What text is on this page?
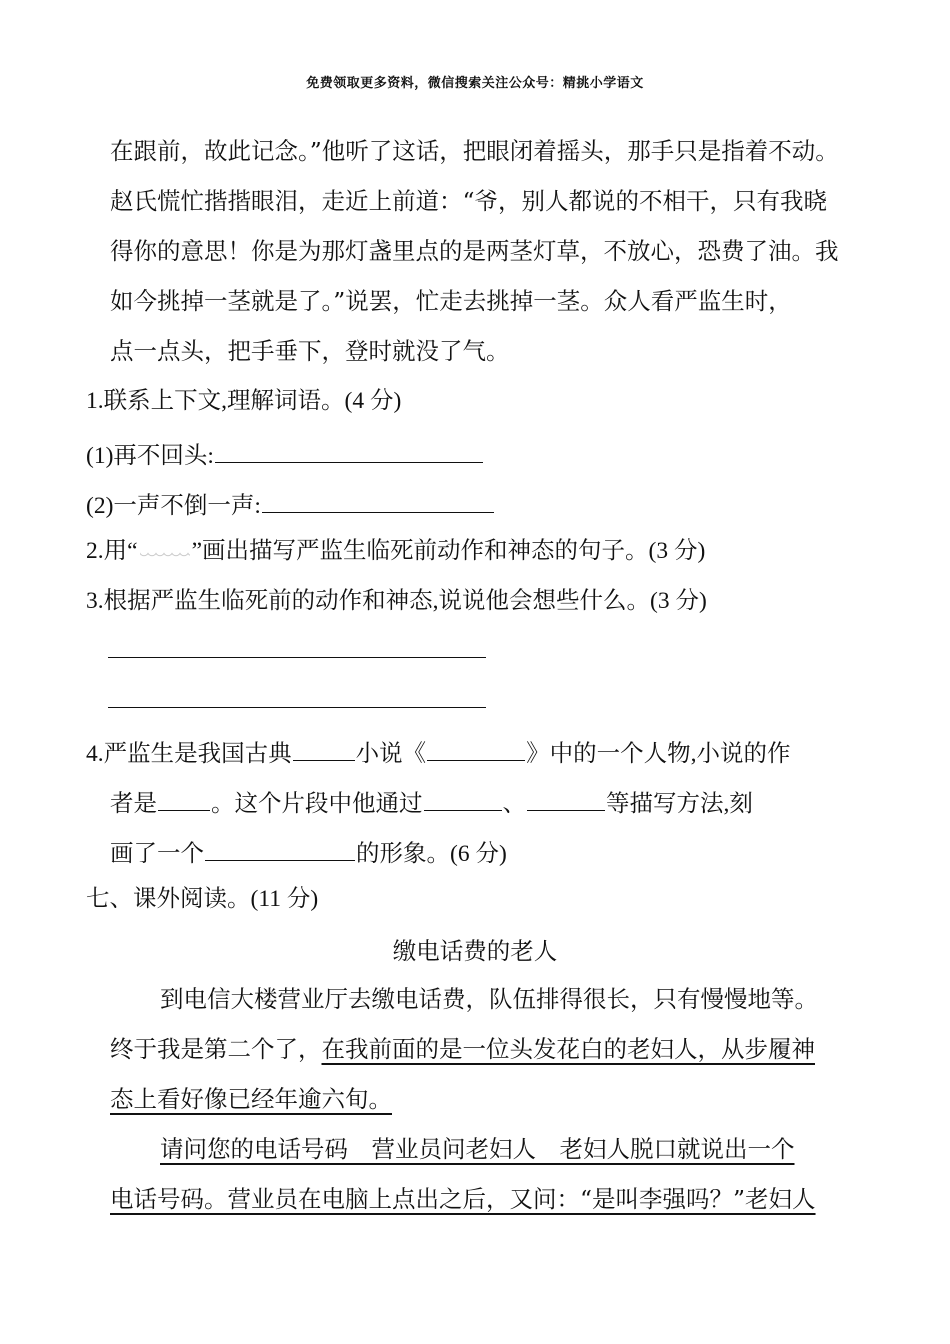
免费领取更多资料，微信搜索关注公众号：精挑小学语文
在跟前，故此记念。”他听了这话，把眼闭着摇头，那手只是指着不动。
赵氏慌忙揩揩眼泪，走近上前道：“爷，别人都说的不相干，只有我晓
得你的意思！你是为那灯盏里点的是两茎灯草，不放心，恐费了油。我
如今挑掉一茎就是了。”说罢，忙走去挑掉一茎。众人看严监生时，
点一点头，把手垂下，登时就没了气。
1.联系上下文,理解词语。(4 分)
(1)再不回头:
(2)一声不倒一声:
2.用“ ”画出描写严监生临死前动作和神态的句子。(3 分)
3.根据严监生临死前的动作和神态,说说他会想些什么。(3 分)
4.严监生是我国古典	小说《	》中的一个人物,小说的作
者是 。这个片段中他通过	、	等描写方法,刻
画了一个	的形象。(6 分)
七、课外阅读。(11 分)
缴电话费的老人
到电信大楼营业厅去缴电话费，队伍排得很长，只有慢慢地等。
终于我是第二个了，在我前面的是一位头发花白的老妇人，从步履神
态上看好像已经年逾六旬。
请问您的电话号码　营业员问老妇人　老妇人脱口就说出一个
电话号码。营业员在电脑上点出之后，又问：“是叫李强吗？”老妇人
